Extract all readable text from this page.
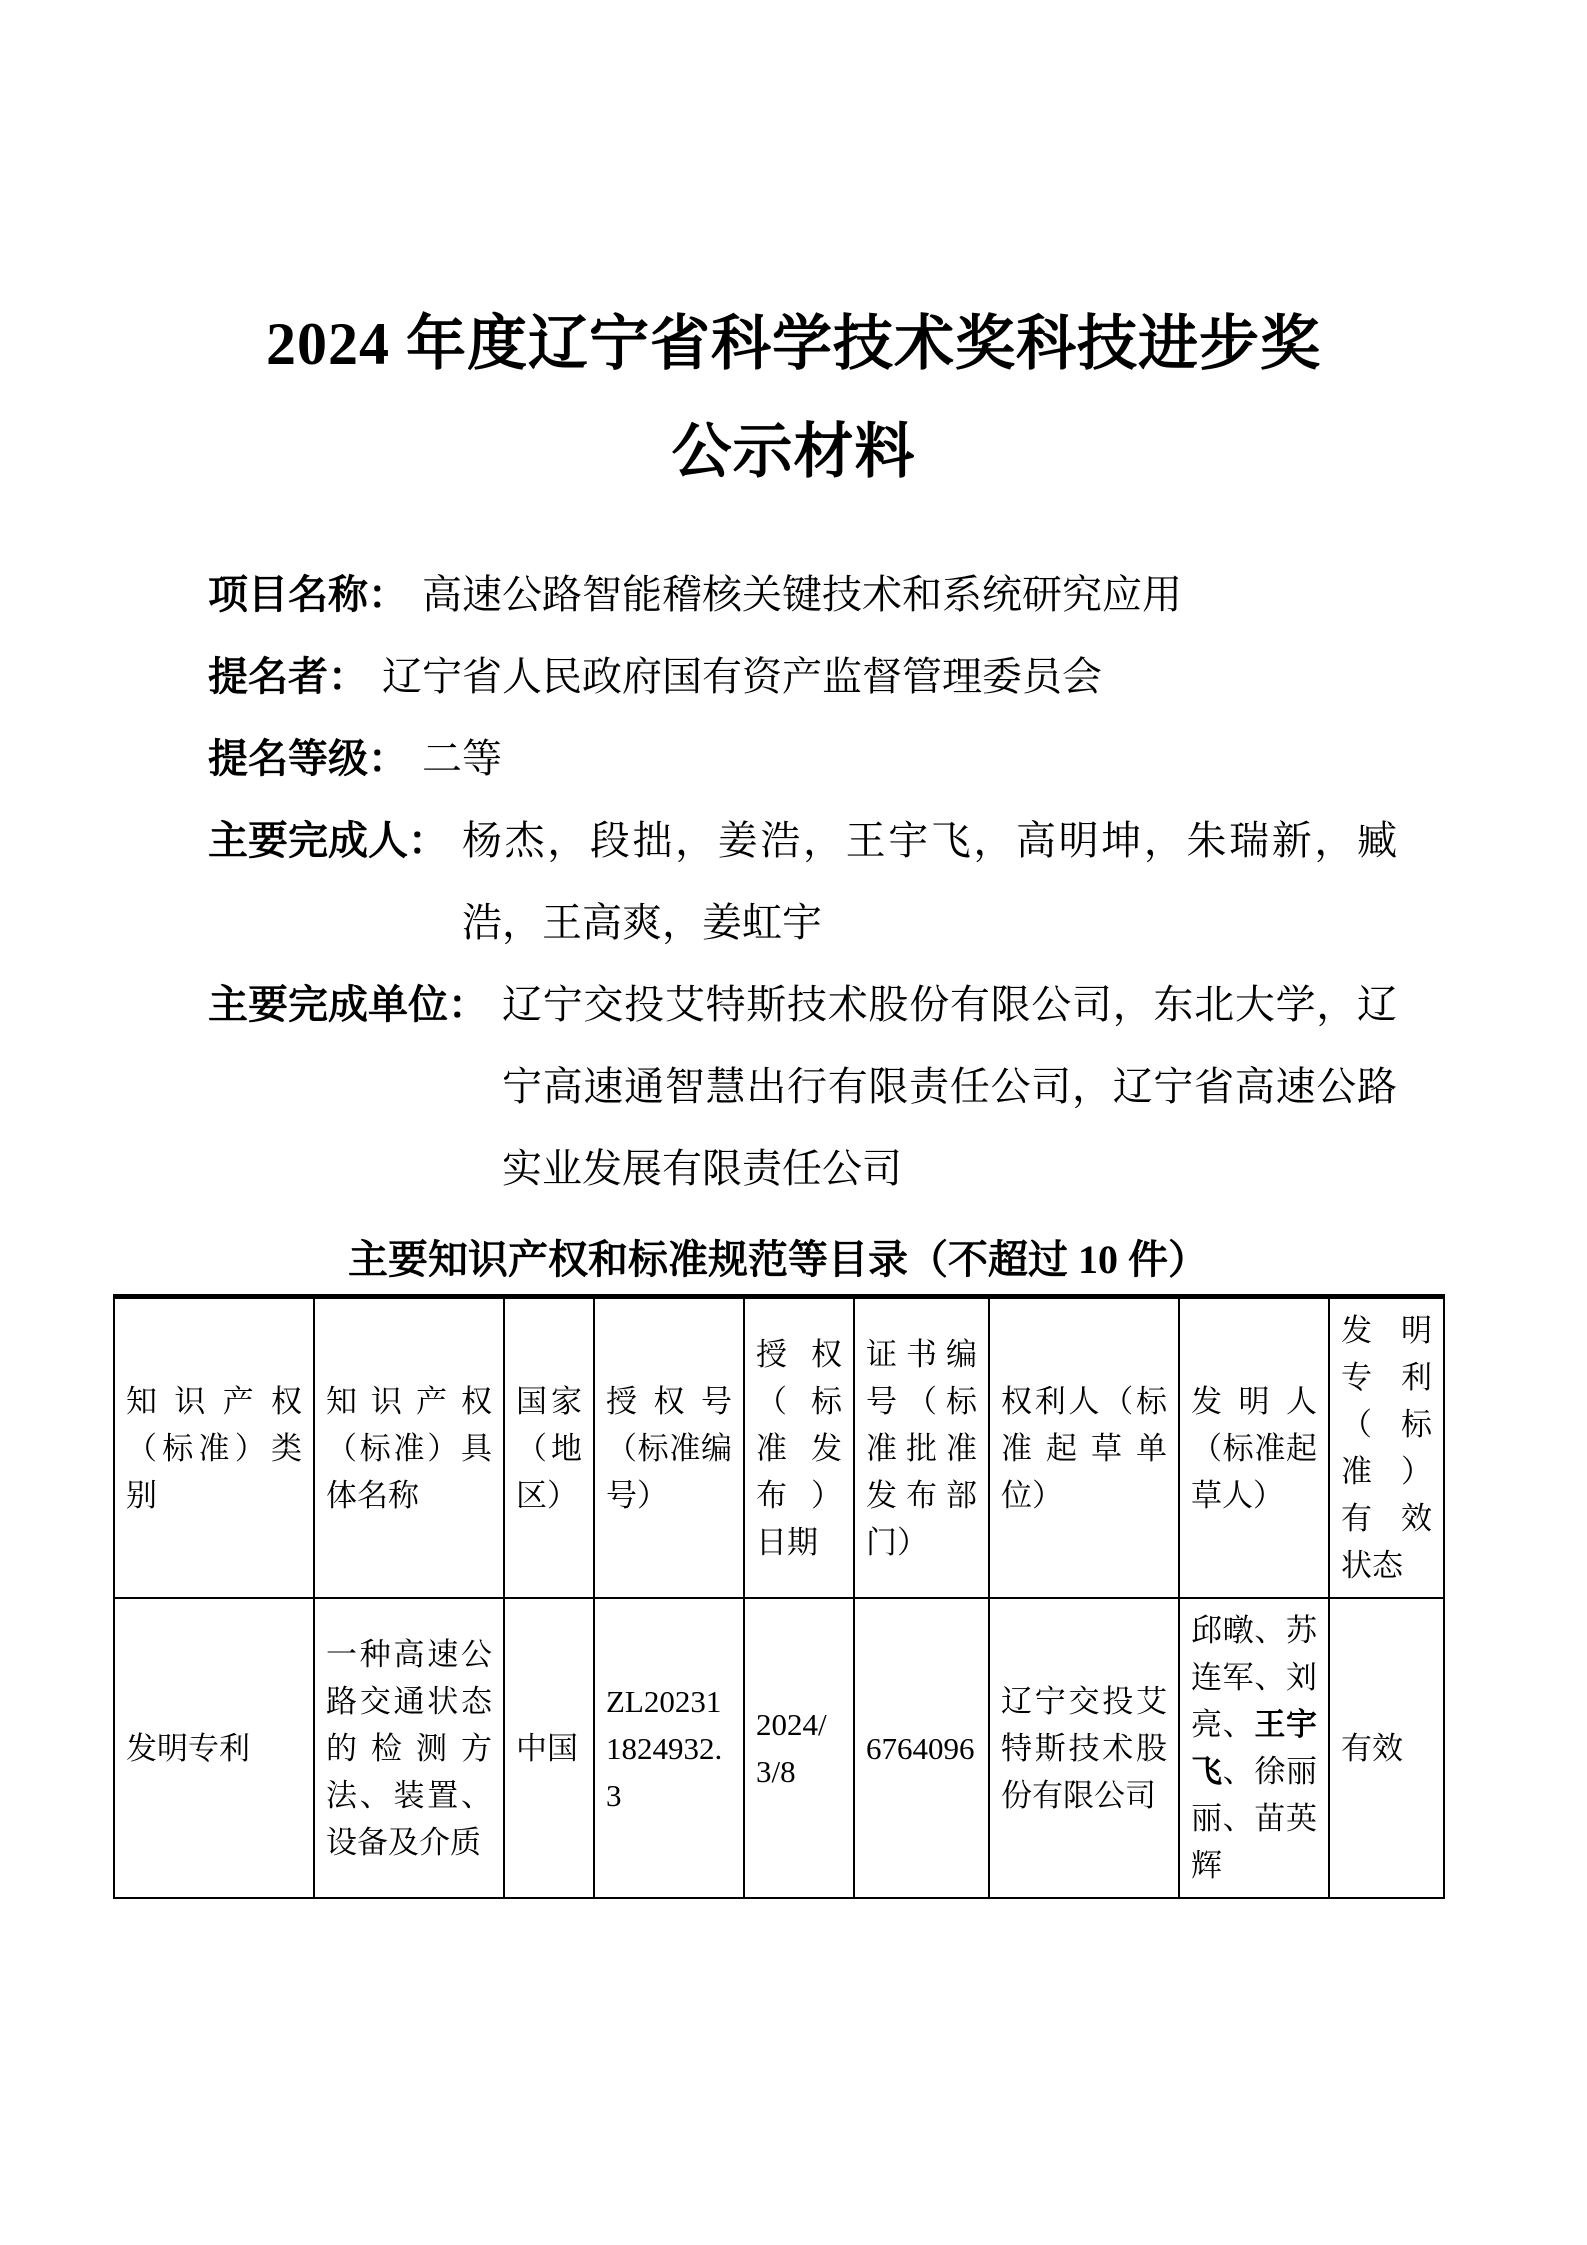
2024 年度辽宁省科学技术奖科技进步奖
公示材料
项目名称： 高速公路智能稽核关键技术和系统研究应用
提名者： 辽宁省人民政府国有资产监督管理委员会
提名等级： 二等
主要完成人： 杨杰，段拙，姜浩，王宇飞，高明坤，朱瑞新，臧浩，王高爽，姜虹宇
主要完成单位： 辽宁交投艾特斯技术股份有限公司，东北大学，辽宁高速通智慧出行有限责任公司，辽宁省高速公路实业发展有限责任公司
主要知识产权和标准规范等目录（不超过 10 件）
知识产权（标准）类别	知识产权（标准）具体名称	国家（地区）	授权号（标准编号）	授权（标准发布）日期	证书编号（标准批准发布部门）	权利人（标准起草单位）	发明人（标准起草人）	发明专利（标准）有效状态
发明专利	一种高速公路交通状态的检测方法、装置、设备及介质	中国	ZL202311824932.3	2024/3/8	6764096	辽宁交投艾特斯技术股份有限公司	邱暾、苏连军、刘亮、王宇飞、徐丽丽、苗英辉	有效
